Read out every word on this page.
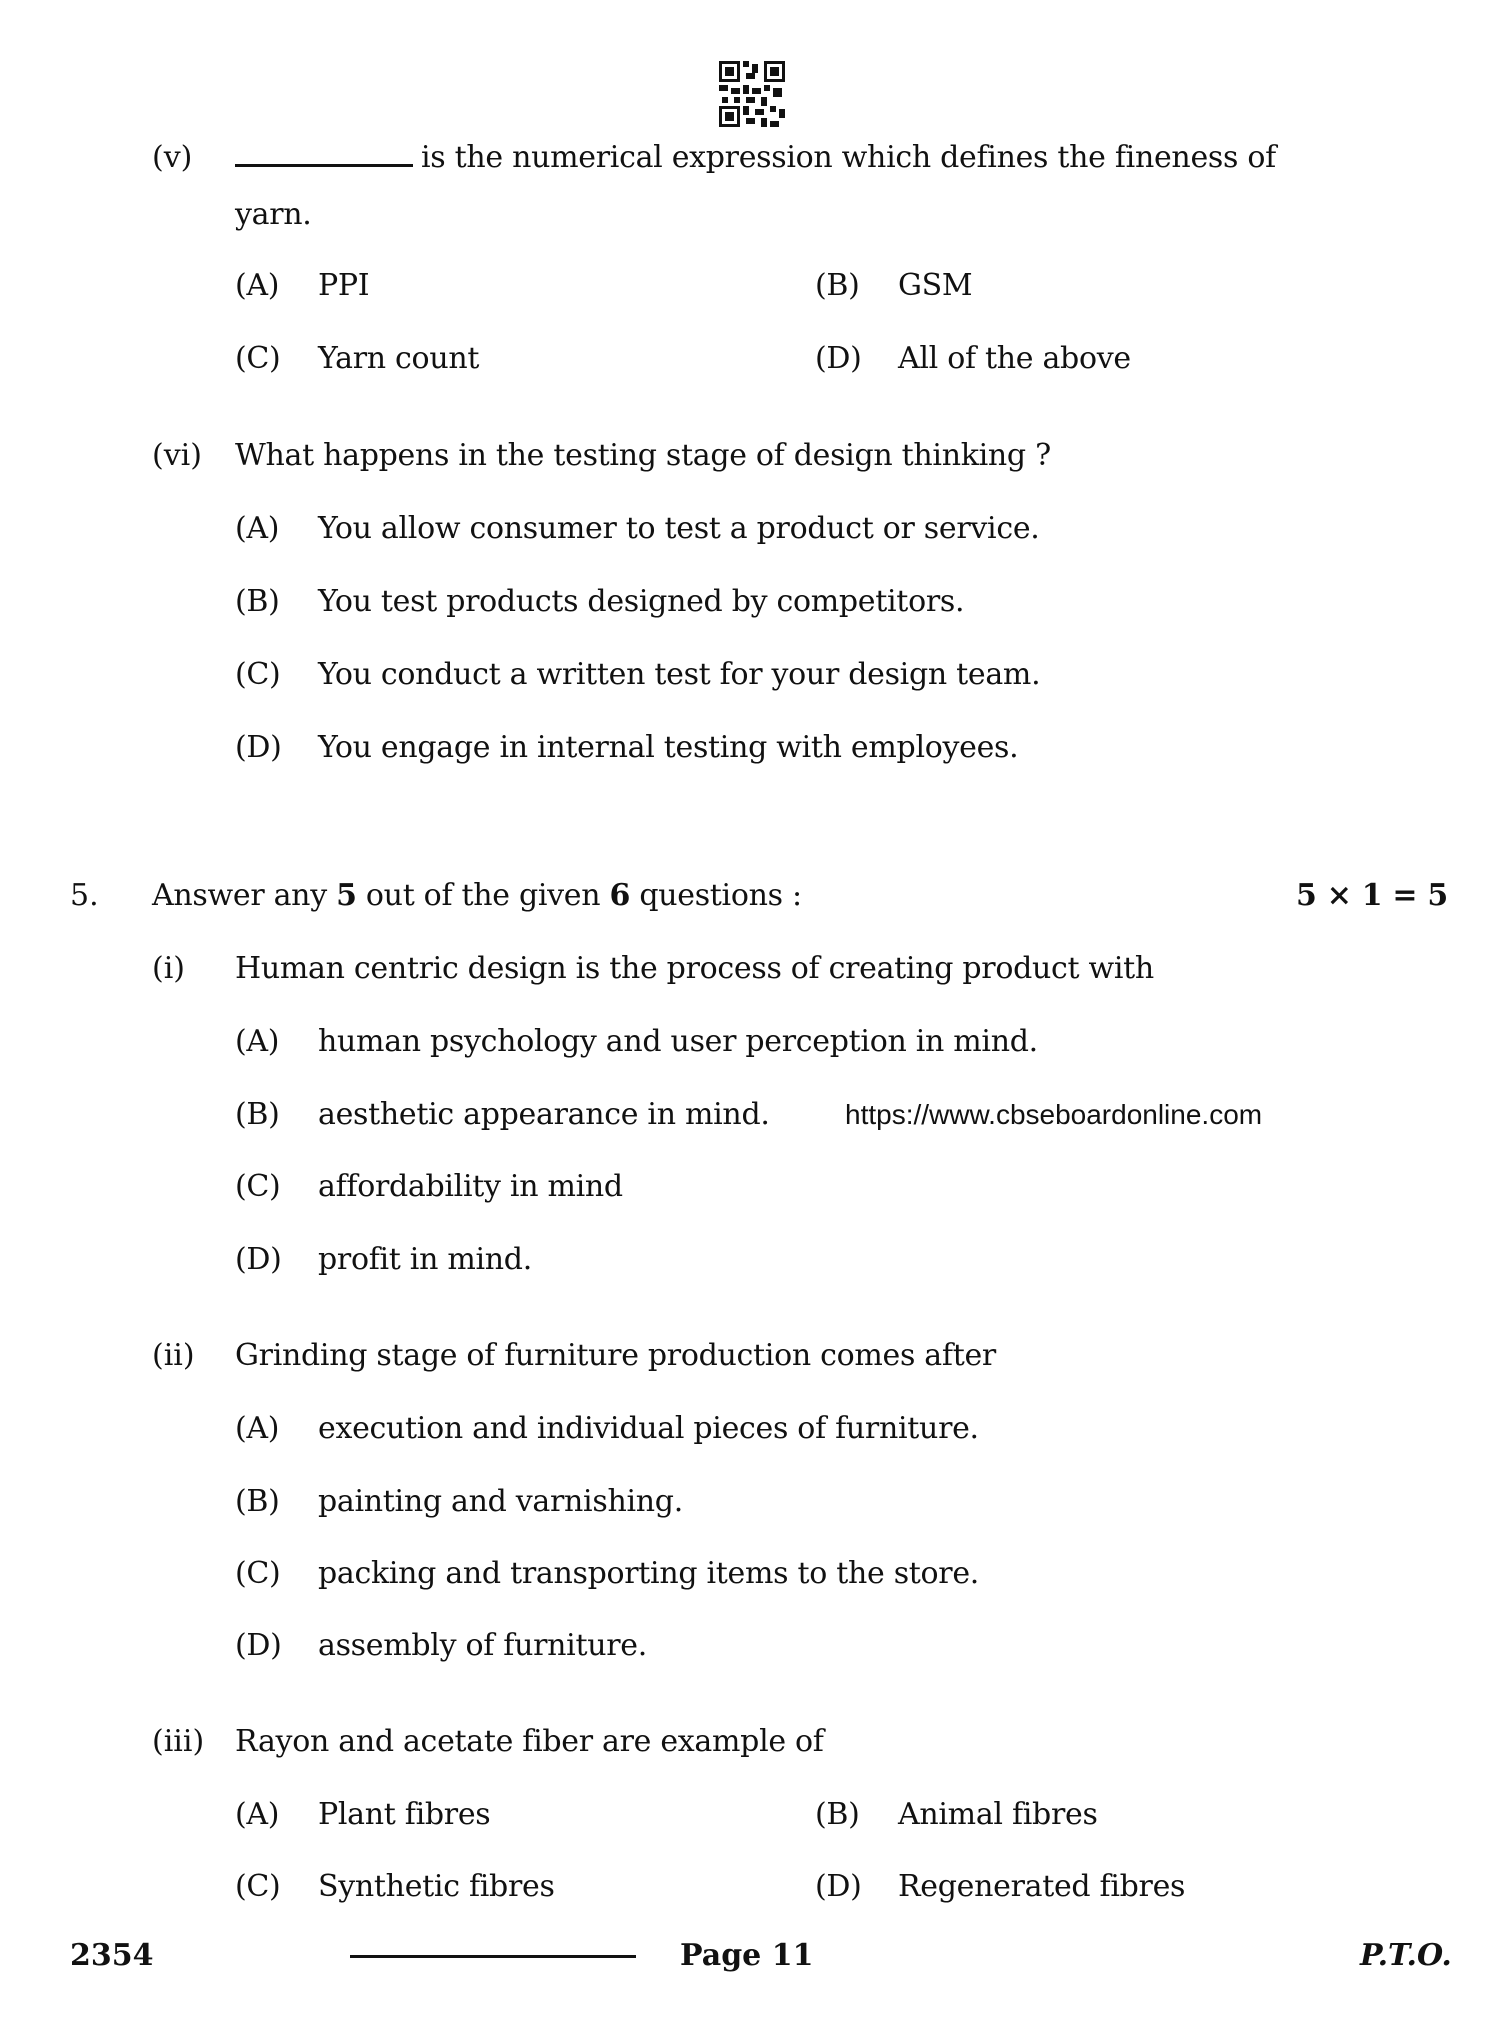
(v)	is the numerical expression which defines the fineness of
yarn.
(A) PPI	(B) GSM
(C) Yarn count	(D) All of the above
(vi) What happens in the testing stage of design thinking ?
(A) You allow consumer to test a product or service.
(B) You test products designed by competitors.
(C) You conduct a written test for your design team.
(D) You engage in internal testing with employees.
5. Answer any 5 out of the given 6 questions :	5 × 1 = 5
(i) Human centric design is the process of creating product with
(A) human psychology and user perception in mind.
(B) aesthetic appearance in mind.	https://www.cbseboardonline.com
(C) affordability in mind
(D) profit in mind.
(ii) Grinding stage of furniture production comes after
(A) execution and individual pieces of furniture.
(B) painting and varnishing.
(C) packing and transporting items to the store.
(D) assembly of furniture.
(iii) Rayon and acetate fiber are example of
(A) Plant fibres	(B) Animal fibres
(C) Synthetic fibres	(D) Regenerated fibres
2354	Page 11	P.T.O.
